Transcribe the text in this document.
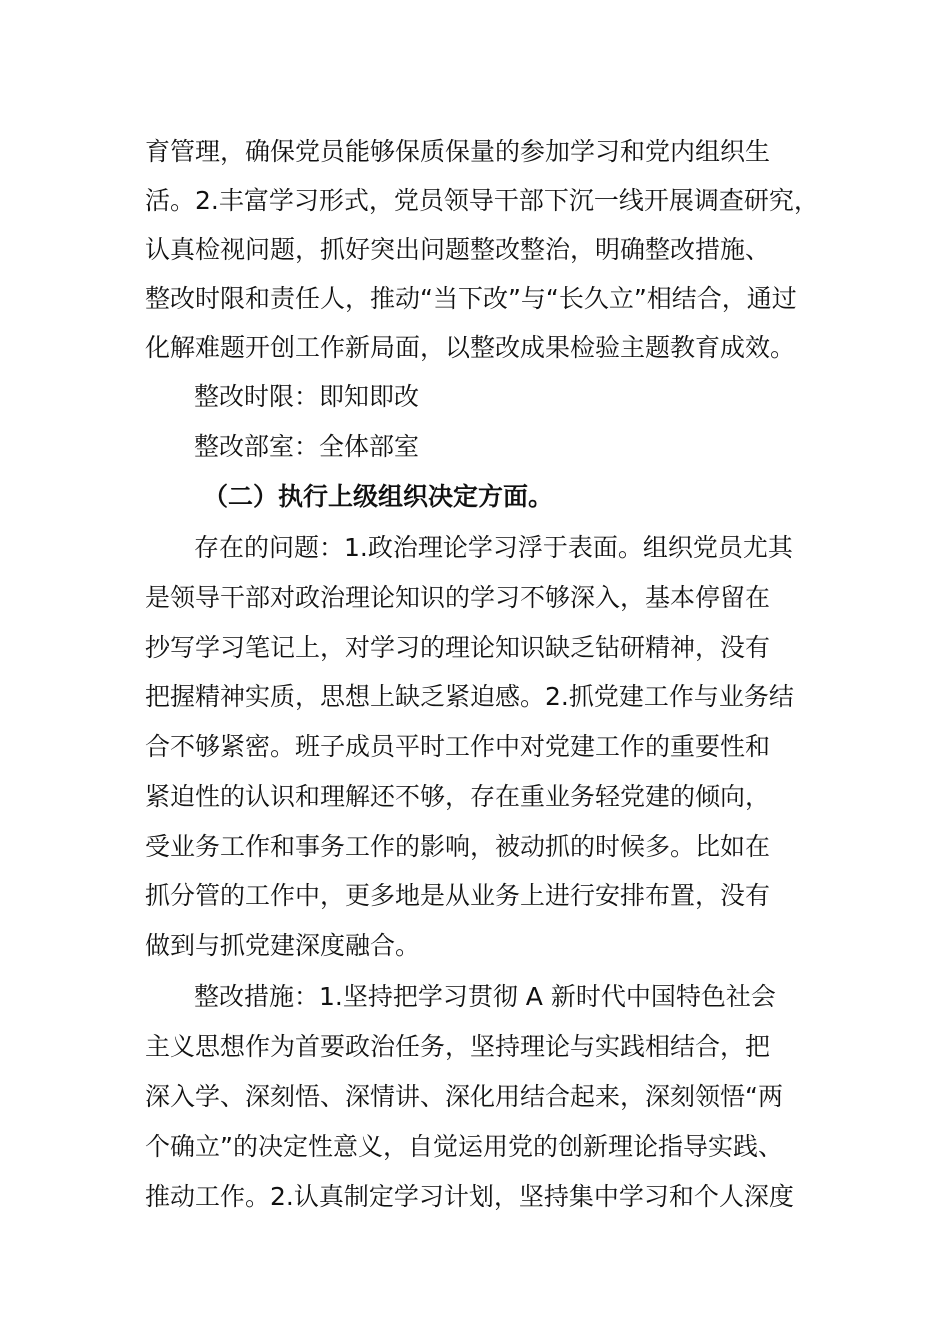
育管理，确保党员能够保质保量的参加学习和党内组织生
活。2.丰富学习形式，党员领导干部下沉一线开展调查研究，
认真检视问题，抓好突出问题整改整治，明确整改措施、
整改时限和责任人，推动“当下改”与“长久立”相结合，通过
化解难题开创工作新局面，以整改成果检验主题教育成效。
整改时限：即知即改
整改部室：全体部室
（二）执行上级组织决定方面。
存在的问题：1.政治理论学习浮于表面。组织党员尤其
是领导干部对政治理论知识的学习不够深入，基本停留在
抄写学习笔记上，对学习的理论知识缺乏钻研精神，没有
把握精神实质，思想上缺乏紧迫感。2.抓党建工作与业务结
合不够紧密。班子成员平时工作中对党建工作的重要性和
紧迫性的认识和理解还不够，存在重业务轻党建的倾向，
受业务工作和事务工作的影响，被动抓的时候多。比如在
抓分管的工作中，更多地是从业务上进行安排布置，没有
做到与抓党建深度融合。
整改措施：1.坚持把学习贯彻 A 新时代中国特色社会
主义思想作为首要政治任务，坚持理论与实践相结合，把
深入学、深刻悟、深情讲、深化用结合起来，深刻领悟“两
个确立”的决定性意义，自觉运用党的创新理论指导实践、
推动工作。2.认真制定学习计划，坚持集中学习和个人深度
